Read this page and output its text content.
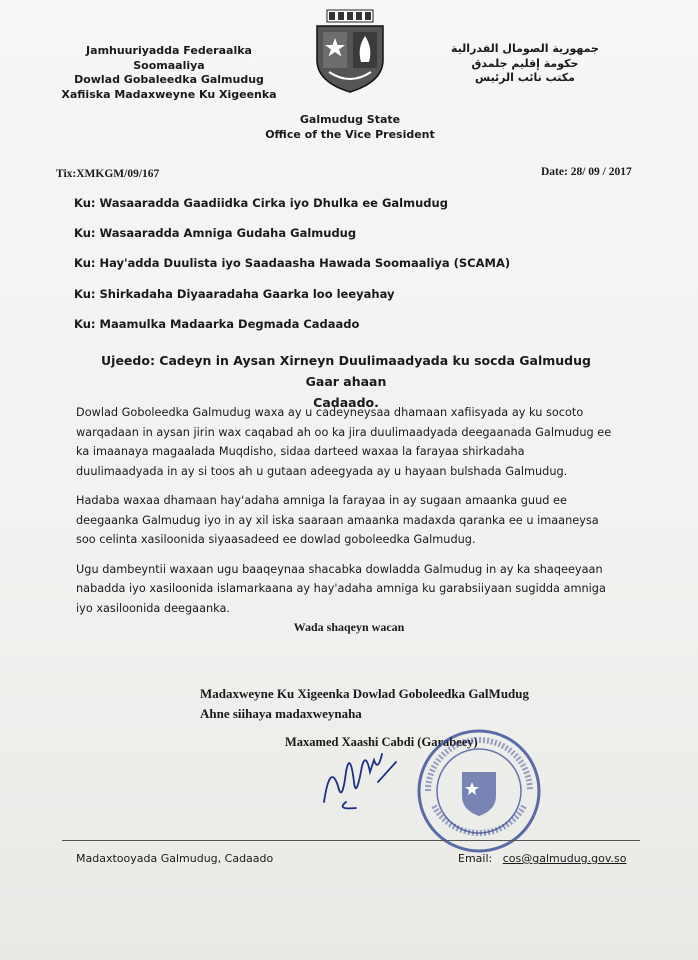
Jamhuuriyadda Federaalka Soomaaliya
Dowlad Gobaleedka Galmudug
Xafiiska Madaxweyne Ku Xigeenka
جمهورية الصومال الفدرالية
حكومة إقليم جلمدق
مكتب نائب الرئيس
Galmudug State
Office of the Vice President
Tix:XMKGM/09/167	Date: 28/ 09 / 2017
Ku: Wasaaradda Gaadiidka Cirka iyo Dhulka ee Galmudug
Ku: Wasaaradda Amniga Gudaha Galmudug
Ku: Hay'adda Duulista iyo Saadaasha Hawada Soomaaliya (SCAMA)
Ku: Shirkadaha Diyaaradaha Gaarka loo leeyahay
Ku: Maamulka Madaarka Degmada Cadaado
Ujeedo: Cadeyn in Aysan Xirneyn Duulimaadyada ku socda Galmudug Gaar ahaan
Cadaado.

Dowlad Goboleedka Galmudug waxa ay u cadeyneysaa dhamaan xafiisyada ay ku socoto warqadaan in aysan jirin wax caqabad ah oo ka jira duulimaadyada deegaanada Galmudug ee ka imaanaya magaalada Muqdisho, sidaa darteed waxaa la farayaa shirkadaha duulimaadyada in ay si toos ah u gutaan adeegyada ay u hayaan bulshada Galmudug.

Hadaba waxaa dhamaan hay'adaha amniga la farayaa in ay sugaan amaanka guud ee deegaanka Galmudug iyo in ay xil iska saaraan amaanka madaxda qaranka ee u imaaneysa soo celinta xasiloonida siyaasadeed ee dowlad goboleedka Galmudug.

Ugu dambeyntii waxaan ugu baaqeynaa shacabka dowladda Galmudug in ay ka shaqeeyaan nabadda iyo xasiloonida islamarkaana ay hay'adaha amniga ku garabsiiyaan sugidda amniga iyo xasiloonida deegaanka.

Wada shaqeyn wacan
Madaxweyne Ku Xigeenka Dowlad Goboleedka GalMudug
Ahne siihaya madaxweynaha
Maxamed Xaashi Cabdi (Garabeey)
Madaxtooyada Galmudug, Cadaado	Email: cos@galmudug.gov.so
